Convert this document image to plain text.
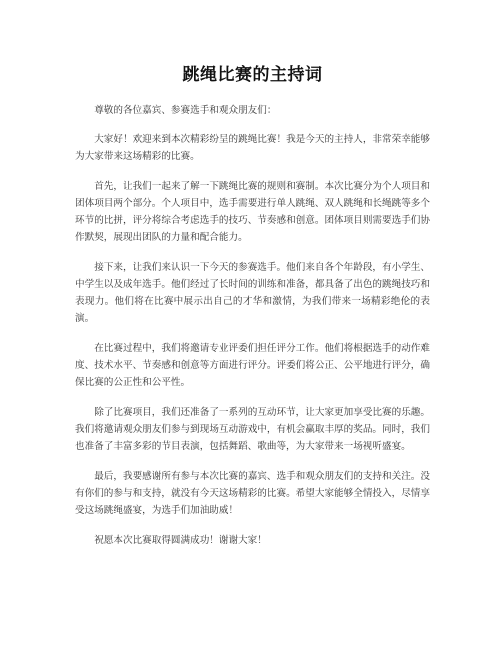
跳绳比赛的主持词

尊敬的各位嘉宾、参赛选手和观众朋友们：

大家好！欢迎来到本次精彩纷呈的跳绳比赛！我是今天的主持人，非常荣幸能够为大家带来这场精彩的比赛。

首先，让我们一起来了解一下跳绳比赛的规则和赛制。本次比赛分为个人项目和团体项目两个部分。个人项目中，选手需要进行单人跳绳、双人跳绳和长绳跳等多个环节的比拼，评分将综合考虑选手的技巧、节奏感和创意。团体项目则需要选手们协作默契，展现出团队的力量和配合能力。

接下来，让我们来认识一下今天的参赛选手。他们来自各个年龄段，有小学生、中学生以及成年选手。他们经过了长时间的训练和准备，都具备了出色的跳绳技巧和表现力。他们将在比赛中展示出自己的才华和激情，为我们带来一场精彩绝伦的表演。

在比赛过程中，我们将邀请专业评委们担任评分工作。他们将根据选手的动作难度、技术水平、节奏感和创意等方面进行评分。评委们将公正、公平地进行评分，确保比赛的公正性和公平性。

除了比赛项目，我们还准备了一系列的互动环节，让大家更加享受比赛的乐趣。我们将邀请观众朋友们参与到现场互动游戏中，有机会赢取丰厚的奖品。同时，我们也准备了丰富多彩的节目表演，包括舞蹈、歌曲等，为大家带来一场视听盛宴。

最后，我要感谢所有参与本次比赛的嘉宾、选手和观众朋友们的支持和关注。没有你们的参与和支持，就没有今天这场精彩的比赛。希望大家能够全情投入，尽情享受这场跳绳盛宴，为选手们加油助威！

祝愿本次比赛取得圆满成功！谢谢大家！
